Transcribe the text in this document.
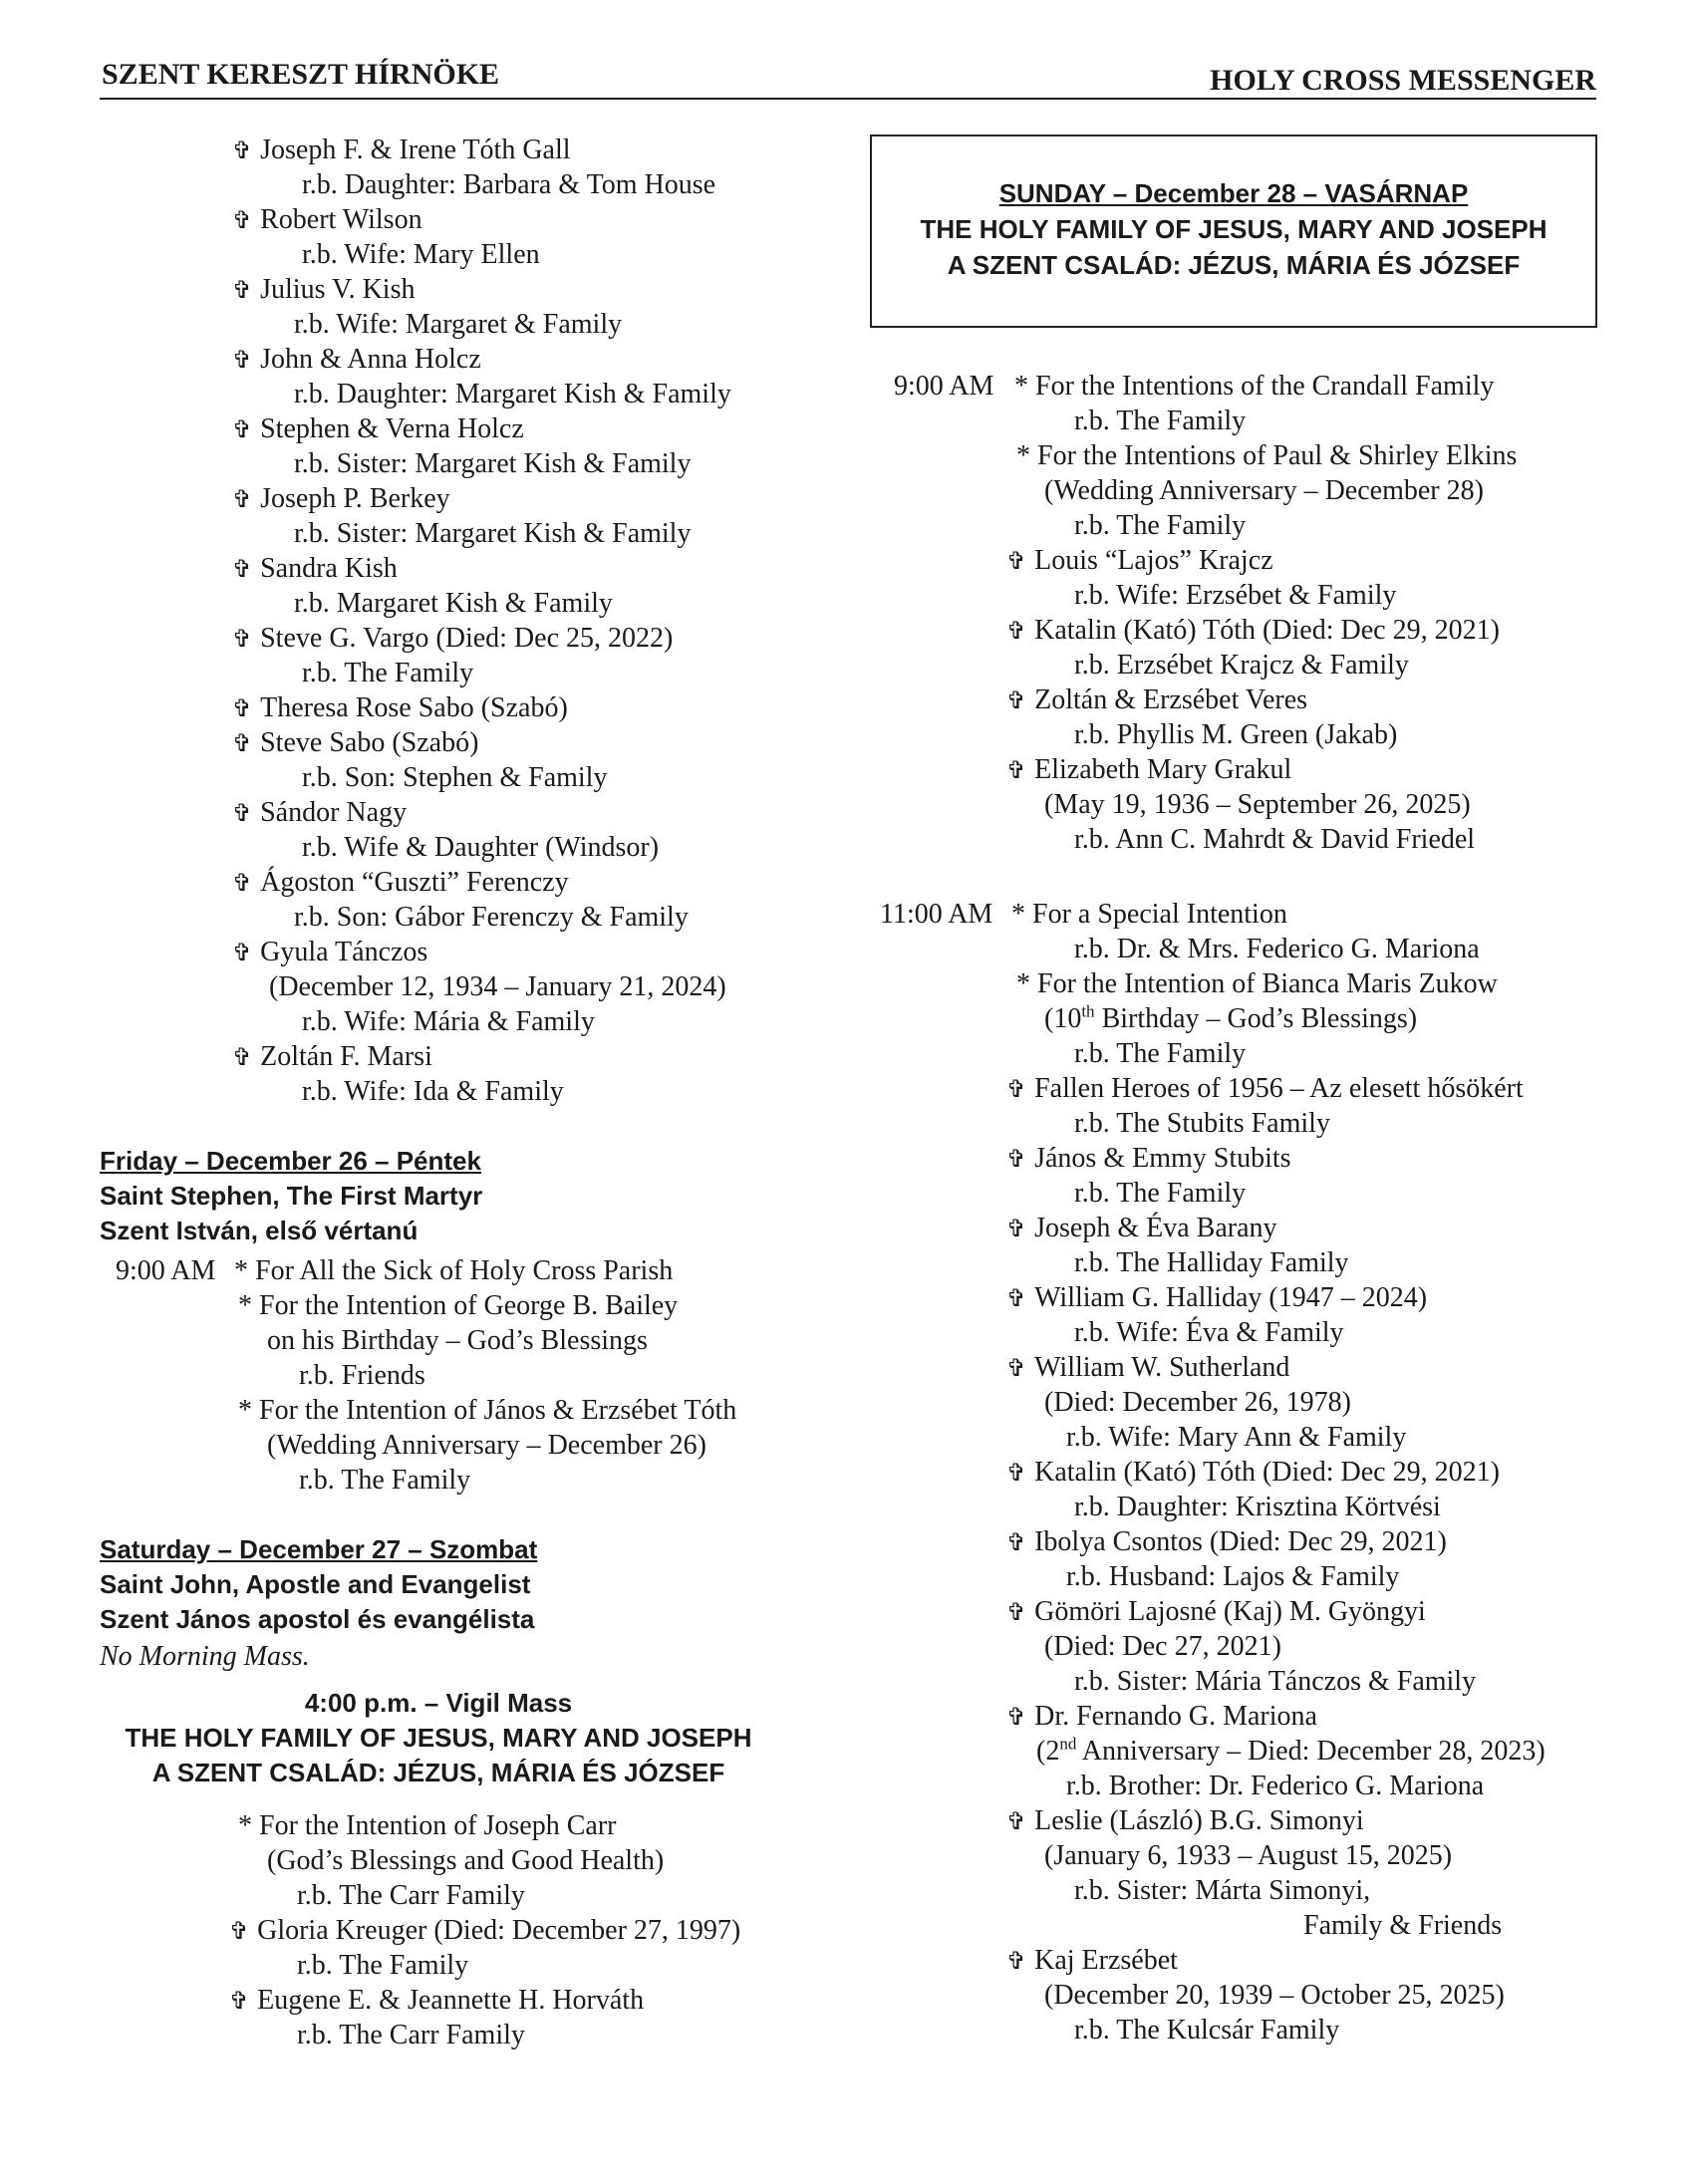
SZENT KERESZT HÍRNÖKE	HOLY CROSS MESSENGER
✞ Joseph F. & Irene Tóth Gall
r.b. Daughter: Barbara & Tom House
✞ Robert Wilson
r.b. Wife: Mary Ellen
✞ Julius V. Kish
r.b. Wife: Margaret & Family
✞ John & Anna Holcz
r.b. Daughter: Margaret Kish & Family
✞ Stephen & Verna Holcz
r.b. Sister: Margaret Kish & Family
✞ Joseph P. Berkey
r.b. Sister: Margaret Kish & Family
✞ Sandra Kish
r.b. Margaret Kish & Family
✞ Steve G. Vargo (Died: Dec 25, 2022)
r.b. The Family
✞ Theresa Rose Sabo (Szabó)
✞ Steve Sabo (Szabó)
r.b. Son: Stephen & Family
✞ Sándor Nagy
r.b. Wife & Daughter (Windsor)
✞ Ágoston “Guszti” Ferenczy
r.b. Son: Gábor Ferenczy & Family
✞ Gyula Tánczos
(December 12, 1934 – January 21, 2024)
r.b. Wife: Mária & Family
✞ Zoltán F. Marsi
r.b. Wife: Ida & Family
Friday – December 26 – Péntek
Saint Stephen, The First Martyr
Szent István, első vértanú
9:00 AM * For All the Sick of Holy Cross Parish
* For the Intention of George B. Bailey
on his Birthday – God’s Blessings
r.b. Friends
* For the Intention of János & Erzsébet Tóth
(Wedding Anniversary – December 26)
r.b. The Family
Saturday – December 27 – Szombat
Saint John, Apostle and Evangelist
Szent János apostol és evangélista
No Morning Mass.
4:00 p.m. – Vigil Mass
THE HOLY FAMILY OF JESUS, MARY AND JOSEPH
A SZENT CSALÁD: JÉZUS, MÁRIA ÉS JÓZSEF
* For the Intention of Joseph Carr
(God’s Blessings and Good Health)
r.b. The Carr Family
✞ Gloria Kreuger (Died: December 27, 1997)
r.b. The Family
✞ Eugene E. & Jeannette H. Horváth
r.b. The Carr Family
SUNDAY – December 28 – VASÁRNAP
THE HOLY FAMILY OF JESUS, MARY AND JOSEPH
A SZENT CSALÁD: JÉZUS, MÁRIA ÉS JÓZSEF
9:00 AM * For the Intentions of the Crandall Family
r.b. The Family
* For the Intentions of Paul & Shirley Elkins
(Wedding Anniversary – December 28)
r.b. The Family
✞ Louis “Lajos” Krajcz
r.b. Wife: Erzsébet & Family
✞ Katalin (Kató) Tóth (Died: Dec 29, 2021)
r.b. Erzsébet Krajcz & Family
✞ Zoltán & Erzsébet Veres
r.b. Phyllis M. Green (Jakab)
✞ Elizabeth Mary Grakul
(May 19, 1936 – September 26, 2025)
r.b. Ann C. Mahrdt & David Friedel
11:00 AM * For a Special Intention
r.b. Dr. & Mrs. Federico G. Mariona
* For the Intention of Bianca Maris Zukow
(10th Birthday – God’s Blessings)
r.b. The Family
✞ Fallen Heroes of 1956 – Az elesett hősökért
r.b. The Stubits Family
✞ János & Emmy Stubits
r.b. The Family
✞ Joseph & Éva Barany
r.b. The Halliday Family
✞ William G. Halliday (1947 – 2024)
r.b. Wife: Éva & Family
✞ William W. Sutherland
(Died: December 26, 1978)
r.b. Wife: Mary Ann & Family
✞ Katalin (Kató) Tóth (Died: Dec 29, 2021)
r.b. Daughter: Krisztina Körtvési
✞ Ibolya Csontos (Died: Dec 29, 2021)
r.b. Husband: Lajos & Family
✞ Gömöri Lajosné (Kaj) M. Gyöngyi
(Died: Dec 27, 2021)
r.b. Sister: Mária Tánczos & Family
✞ Dr. Fernando G. Mariona
(2nd Anniversary – Died: December 28, 2023)
r.b. Brother: Dr. Federico G. Mariona
✞ Leslie (László) B.G. Simonyi
(January 6, 1933 – August 15, 2025)
r.b. Sister: Márta Simonyi,
Family & Friends
✞ Kaj Erzsébet
(December 20, 1939 – October 25, 2025)
r.b. The Kulcsár Family
